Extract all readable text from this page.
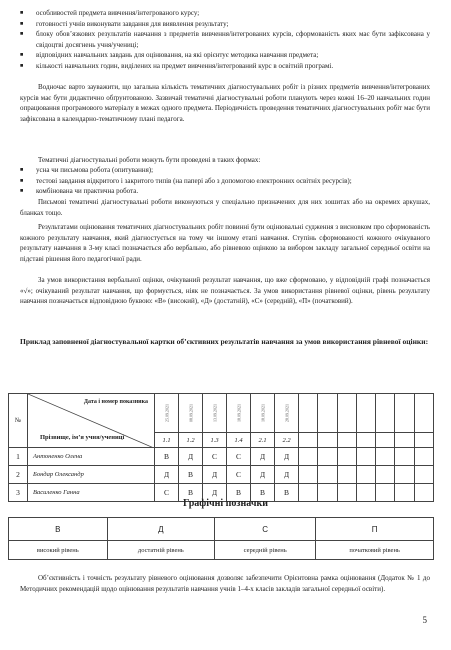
■ особливостей предмета вивчення/інтегрованого курсу;
■ готовності учнів виконувати завдання для виявлення результату;
■ блоку обов’язкових результатів навчання з предметів вивчення/інтегрованих курсів, сформованість яких має бути зафіксована у свідоцтві досягнень учня/учениці;
■ відповідних навчальних завдань для оцінювання, на які орієнтує методика навчання предмета;
■ кількості навчальних годин, виділених на предмет вивчення/інтегрований курс в освітній програмі.

Водночас варто зауважити, що загальна кількість тематичних діагностувальних робіт із різних предметів вивчення/інтегрованих курсів має бути дидактично обґрунтованою. Зазвичай тематичні діагностувальні роботи планують через кожні 16–20 навчальних годин опрацювання програмового матеріалу в межах одного предмета. Періодичність проведення тематичних діагностувальних робіт має бути зафіксована в календарно-тематичному плані педагога.

Тематичні діагностувальні роботи можуть бути проведені в таких формах:

■ усна чи письмова робота (опитування);
■ тестові завдання відкритого і закритого типів (на папері або з допомогою електронних освітніх ресурсів);
■ комбінована чи практична робота.

Письмові тематичні діагностувальні роботи виконуються у спеціально призначених для них зошитах або на окремих аркушах, бланках тощо.

Результатами оцінювання тематичних діагностувальних робіт повинні бути оцінювальні судження з висновком про сформованість кожного результату навчання, який діагностується на тому чи іншому етапі навчання. Ступінь сформованості кожного очікуваного результату навчання в 3-му класі позначається або вербально, або рівневою оцінкою за вибором закладу загальної середньої освіти на підставі рішення його педагогічної ради.

За умов використання вербальної оцінки, очікуваний результат навчання, що вже сформовано, у відповідній графі позначається «√»; очікуваний результат навчання, що формується, ніяк не позначається. За умов використання рівневої оцінки, рівень результату навчання позначається відповідною буквою: «В» (високий), «Д» (достатній), «С» (середній), «П» (початковий).

Приклад заповненої діагностувальної картки об’єктивних результатів навчання за умов використання рівневої оцінки:

№	Дата і номер показника
Прізвище, ім’я учня/учениці	25.09.2021	08.09.2021	13.09.2021	18.09.2021	18.09.2021	28.09.2021							

		1.1	1.2	1.3	1.4	2.1	2.2							
1	Антоненко Олена	В	Д	С	С	Д	Д							
2	Бондар Олександр	Д	В	Д	С	Д	Д							
3	Василенко Ганна	С	В	Д	В	В	В							
Графічні позначки
В	Д	С	П
високий рівень	достатній рівень	середній рівень	початковий рівень

Об’єктивність і точність результату рівневого оцінювання дозволяє забезпечити Орієнтовна рамка оцінювання (Додаток № 1 до Методичних рекомендацій щодо оцінювання результатів навчання учнів 1–4-х класів закладів загальної середньої освіти).

5
